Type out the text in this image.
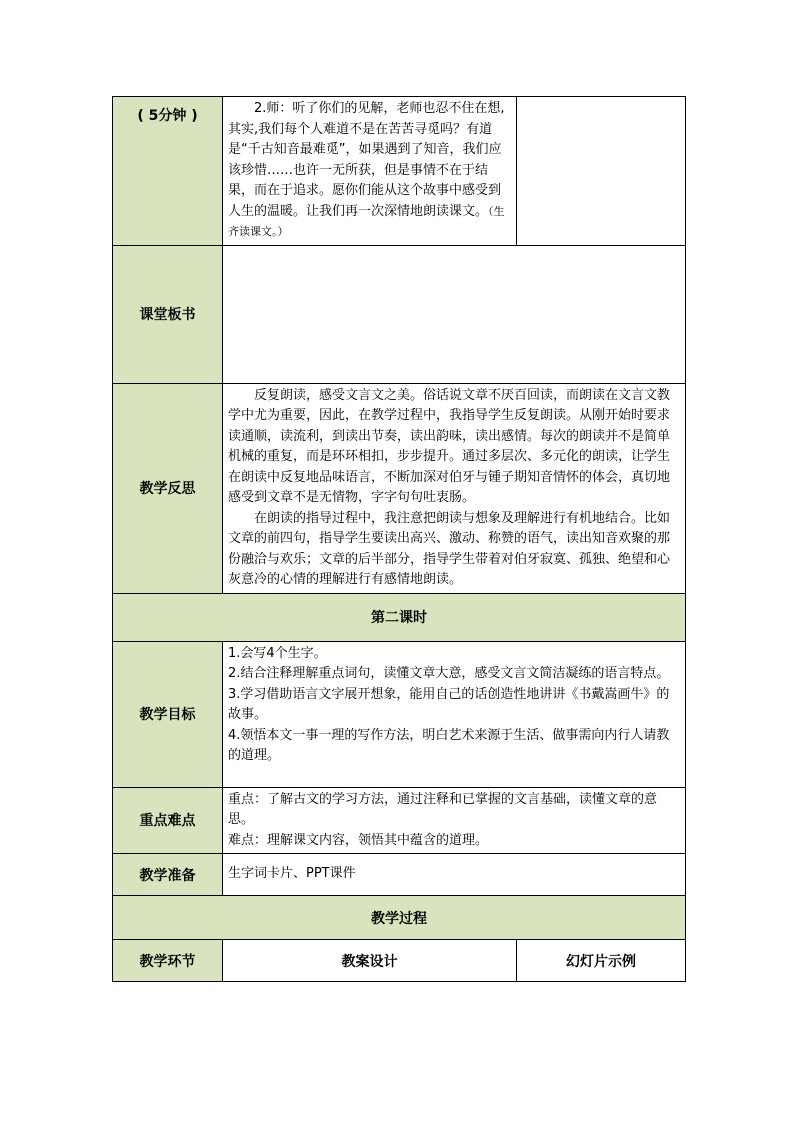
( 5分钟 )	2.师：听了你们的见解，老师也忍不住在想,其实,我们每个人难道不是在苦苦寻觅吗？有道是“千古知音最难觅”，如果遇到了知音，我们应该珍惜……也许一无所获，但是事情不在于结果，而在于追求。愿你们能从这个故事中感受到人生的温暖。让我们再一次深情地朗读课文。（生齐读课文。）	

课堂板书		
教学反思	反复朗读，感受文言文之美。俗话说文章不厌百回读，而朗读在文言文教学中尤为重要，因此，在教学过程中，我指导学生反复朗读。从刚开始时要求读通顺，读流利，到读出节奏，读出韵味，读出感情。每次的朗读并不是简单机械的重复，而是环环相扣，步步提升。通过多层次、多元化的朗读，让学生在朗读中反复地品味语言，不断加深对伯牙与锺子期知音情怀的体会，真切地感受到文章不是无情物，字字句句吐衷肠。

在朗读的指导过程中，我注意把朗读与想象及理解进行有机地结合。比如文章的前四句，指导学生要读出高兴、激动、称赞的语气，读出知音欢聚的那份融洽与欢乐；文章的后半部分，指导学生带着对伯牙寂寞、孤独、绝望和心灰意冷的心情的理解进行有感情地朗读。	

第二课时		
教学目标	1.会写4个生字。

2.结合注释理解重点词句，读懂文章大意，感受文言文简洁凝练的语言特点。

3.学习借助语言文字展开想象，能用自己的话创造性地讲讲《书戴嵩画牛》的故事。

4.领悟本文一事一理的写作方法，明白艺术来源于生活、做事需向内行人请教的道理。	

重点难点	重点：了解古文的学习方法，通过注释和已掌握的文言基础，读懂文章的意思。

难点：理解课文内容，领悟其中蕴含的道理。	

教学准备	生字词卡片、PPT课件	
教学过程		
教学环节	教案设计	幻灯片示例
